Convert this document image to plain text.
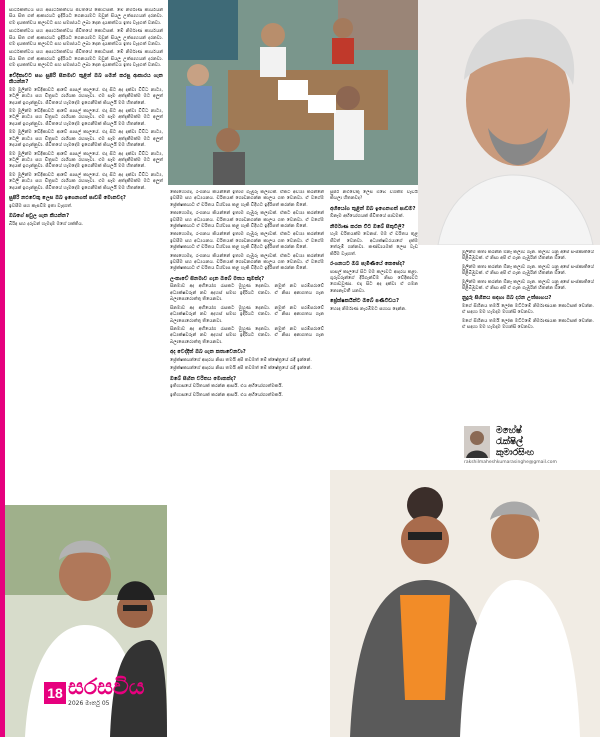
සාර්ථකත්වය සහ අසාර්ථකත්වය ජීවිතයේ කොටසක්. මේ නිර්මාණ කාර්යයන් සිය සිත ගත් ආකාරයට ඉදිරියට ගෙනයාමට ඔවුන් සියලු උත්සාහයන් දරනවා. එම දායකත්වය කලාවට සහ සමාජයට ලබා දෙන දායකත්වය ඉතා වැදගත් වනවා.

සාර්ථකත්වය සහ අසාර්ථකත්වය ජීවිතයේ කොටසක්. මේ නිර්මාණ කාර්යයන් සිය සිත ගත් ආකාරයට ඉදිරියට ගෙනයාමට ඔවුන් සියලු උත්සාහයන් දරනවා. එම දායකත්වය කලාවට සහ සමාජයට ලබා දෙන දායකත්වය ඉතා වැදගත් වනවා.

සාර්ථකත්වය සහ අසාර්ථකත්වය ජීවිතයේ කොටසක්. මේ නිර්මාණ කාර්යයන් සිය සිත ගත් ආකාරයට ඉදිරියට ගෙනයාමට ඔවුන් සියලු උත්සාහයන් දරනවා. එම දායකත්වය කලාවට සහ සමාජයට ලබා දෙන දායකත්වය ඉතා වැදගත් වනවා.

වේදිකාවට සහ සුපිරි සිනමාව තුළින් ඔබ ගමන් කරපු ආකාරය ගැන කියන්න?

මම මුලින්ම වේදිකාවට ආවේ පාසල් කාලයේ. එදා සිට අද දක්වා විවිධ නාට්‍ය, ටෙලි නාට්‍ය සහ චිත්‍රපට රාශියක රඟපෑවා. එම සෑම අත්දැකීමක්ම මට අලුත් දෙයක් ඉගැන්නුවා. ජීවිතයේ හැමදේම ඉගෙනීමක් කියලයි මම හිතන්නේ.

මම මුලින්ම වේදිකාවට ආවේ පාසල් කාලයේ. එදා සිට අද දක්වා විවිධ නාට්‍ය, ටෙලි නාට්‍ය සහ චිත්‍රපට රාශියක රඟපෑවා. එම සෑම අත්දැකීමක්ම මට අලුත් දෙයක් ඉගැන්නුවා. ජීවිතයේ හැමදේම ඉගෙනීමක් කියලයි මම හිතන්නේ.

මම මුලින්ම වේදිකාවට ආවේ පාසල් කාලයේ. එදා සිට අද දක්වා විවිධ නාට්‍ය, ටෙලි නාට්‍ය සහ චිත්‍රපට රාශියක රඟපෑවා. එම සෑම අත්දැකීමක්ම මට අලුත් දෙයක් ඉගැන්නුවා. ජීවිතයේ හැමදේම ඉගෙනීමක් කියලයි මම හිතන්නේ.

මම මුලින්ම වේදිකාවට ආවේ පාසල් කාලයේ. එදා සිට අද දක්වා විවිධ නාට්‍ය, ටෙලි නාට්‍ය සහ චිත්‍රපට රාශියක රඟපෑවා. එම සෑම අත්දැකීමක්ම මට අලුත් දෙයක් ඉගැන්නුවා. ජීවිතයේ හැමදේම ඉගෙනීමක් කියලයි මම හිතන්නේ.

මම මුලින්ම වේදිකාවට ආවේ පාසල් කාලයේ. එදා සිට අද දක්වා විවිධ නාට්‍ය, ටෙලි නාට්‍ය සහ චිත්‍රපට රාශියක රඟපෑවා. එම සෑම අත්දැකීමක්ම මට අලුත් දෙයක් ඉගැන්නුවා. ජීවිතයේ හැමදේම ඉගෙනීමක් කියලයි මම හිතන්නේ.

සුපිරි නළුවෙකු ලෙස ඔබ ඉගෙනගත් පාඩම් මොනවද?

ඉවසීම සහ කැපවීම ඉතා වැදගත්.

ඔබගේ පවුල ගැන කියන්න?

බිරිඳ සහ දරුවන් හැමදාම මගේ ශක්තිය.

කොහොමද, රංගනය කියන්නේ ඉතාම ගැඹුරු කලාවක්. ඒකට අවශ්‍ය කරන්නේ ඉවසීම සහ අධ්‍යයනය. චරිතයක් ගොඩනගන්න කාලය ගත වෙනවා. ඒ වගේම ප්‍රේක්ෂකයාට ඒ චරිතය විශ්වාස කළ හැකි විදිහට ඉදිරිපත් කරන්න ඕනේ.

කොහොමද, රංගනය කියන්නේ ඉතාම ගැඹුරු කලාවක්. ඒකට අවශ්‍ය කරන්නේ ඉවසීම සහ අධ්‍යයනය. චරිතයක් ගොඩනගන්න කාලය ගත වෙනවා. ඒ වගේම ප්‍රේක්ෂකයාට ඒ චරිතය විශ්වාස කළ හැකි විදිහට ඉදිරිපත් කරන්න ඕනේ.

කොහොමද, රංගනය කියන්නේ ඉතාම ගැඹුරු කලාවක්. ඒකට අවශ්‍ය කරන්නේ ඉවසීම සහ අධ්‍යයනය. චරිතයක් ගොඩනගන්න කාලය ගත වෙනවා. ඒ වගේම ප්‍රේක්ෂකයාට ඒ චරිතය විශ්වාස කළ හැකි විදිහට ඉදිරිපත් කරන්න ඕනේ.

කොහොමද, රංගනය කියන්නේ ඉතාම ගැඹුරු කලාවක්. ඒකට අවශ්‍ය කරන්නේ ඉවසීම සහ අධ්‍යයනය. චරිතයක් ගොඩනගන්න කාලය ගත වෙනවා. ඒ වගේම ප්‍රේක්ෂකයාට ඒ චරිතය විශ්වාස කළ හැකි විදිහට ඉදිරිපත් කරන්න ඕනේ.

ලංකාවේ සිනමාව ගැන ඔබේ මතය කුමක්ද?

සිනමාව අද අභියෝග රැසකට මුහුණ දෙනවා. නමුත් නව පරම්පරාවේ අධ්‍යක්ෂවරුන් නව අදහස් සමඟ ඉදිරියට එනවා. ඒ නිසා අනාගතය ගැන බලාපොරොත්තු තියෙනවා.

සිනමාව අද අභියෝග රැසකට මුහුණ දෙනවා. නමුත් නව පරම්පරාවේ අධ්‍යක්ෂවරුන් නව අදහස් සමඟ ඉදිරියට එනවා. ඒ නිසා අනාගතය ගැන බලාපොරොත්තු තියෙනවා.

සිනමාව අද අභියෝග රැසකට මුහුණ දෙනවා. නමුත් නව පරම්පරාවේ අධ්‍යක්ෂවරුන් නව අදහස් සමඟ ඉදිරියට එනවා. ඒ නිසා අනාගතය ගැන බලාපොරොත්තු තියෙනවා.

අද වෙද්දිත් ඔබ ගැන කතාවෙනවා?

ප්‍රේක්ෂකයන්ගේ ආදරය නිසා තමයි අපි තවමත් මේ ක්ෂේත්‍රයේ රැඳී ඉන්නේ.

ප්‍රේක්ෂකයන්ගේ ආදරය නිසා තමයි අපි තවමත් මේ ක්ෂේත්‍රයේ රැඳී ඉන්නේ.

ඔබේ සිහින චරිතය මොකක්ද?

ඉතිහාසයේ චරිතයක් කරන්න ආසයි. එය අභියෝගාත්මකයි.

ඉතිහාසයේ චරිතයක් කරන්න ආසයි. එය අභියෝගාත්මකයි.

සුපිරි නළුවෙකු ලෙස ඔබේ වගකීම වැඩියි කියලා හිතනවද?

අභියෝග තුළින් ඔබ ඉගෙනගත් පාඩම?

ඕනෑම අභියෝගයක් ජීවිතයේ පාඩමක්.

නිර්මාණ කරන විට ඔබේ සිතුවිලි?

හැම චරිතයක්ම වෙනස්. මම ඒ චරිතය තුළ ජීවත් වෙනවා. අධ්‍යක්ෂවරයාගේ දැක්ම තේරුම් ගන්නවා. කණ්ඩායමක් ලෙස වැඩ කිරීම වැදගත්.

රංගනයට ඔබ පැමිණියේ කෙසේද?

පාසල් කාලයේ සිට මම කලාවට ආදරය කළා. ගුරුවරුන්ගේ දිරිගැන්වීම නිසා වේදිකාවට ගොඩවුණා. එදා සිට අද දක්වා ඒ ගමන නොනැවතී යනවා.

ප්‍රේක්ෂකයින්ට ඔබේ පණිවිඩය?

හොඳ නිර්මාණ නැරඹීමට සහාය දෙන්න.

මුලින්ම කතා කරන්න ඕනෑ කලාව ගැන. කලාව යනු අපේ සංස්කෘතියේ පිළිබිඹුවක්. ඒ නිසා අපි ඒ ගැන ගැඹුරින් හිතන්න ඕනේ.

මුලින්ම කතා කරන්න ඕනෑ කලාව ගැන. කලාව යනු අපේ සංස්කෘතියේ පිළිබිඹුවක්. ඒ නිසා අපි ඒ ගැන ගැඹුරින් හිතන්න ඕනේ.

මුලින්ම කතා කරන්න ඕනෑ කලාව ගැන. කලාව යනු අපේ සංස්කෘතියේ පිළිබිඹුවක්. ඒ නිසා අපි ඒ ගැන ගැඹුරින් හිතන්න ඕනේ.

නුදුරු සිහිනය සඳහා ඔබ දරන උත්සාහය?

මගේ සිහිනය තමයි ලෝක මට්ටමේ නිර්මාණයක කොටසක් වෙන්න. ඒ සඳහා මම හැමදාම මහන්සි වෙනවා.

මගේ සිහිනය තමයි ලෝක මට්ටමේ නිර්මාණයක කොටසක් වෙන්න. ඒ සඳහා මම හැමදාම මහන්සි වෙනවා.

මහේෂ්
රැක්ෂිල්
කුමාරසිංහ
rakshilmaheshkumarasinghe@gmail.com
18 සරසවිය
2026 මාර්තු 05
